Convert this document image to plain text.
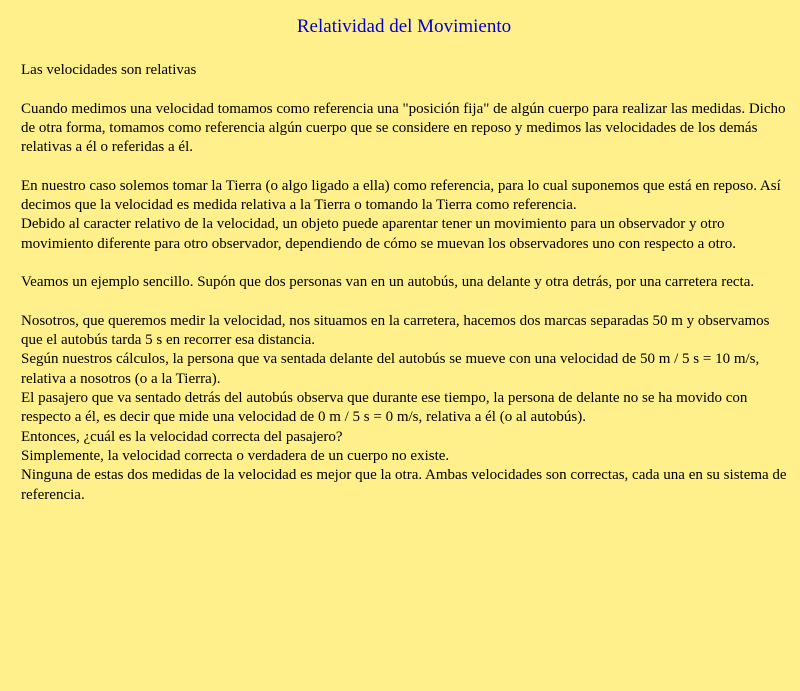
Relatividad del Movimiento

Las velocidades son relativas

Cuando medimos una velocidad tomamos como referencia una "posición fija" de algún cuerpo para realizar las medidas. Dicho de otra forma, tomamos como referencia algún cuerpo que se considere en reposo y medimos las velocidades de los demás relativas a él o referidas a él.

En nuestro caso solemos tomar la Tierra (o algo ligado a ella) como referencia, para lo cual suponemos que está en reposo. Así decimos que la velocidad es medida relativa a la Tierra o tomando la Tierra como referencia.

Debido al caracter relativo de la velocidad, un objeto puede aparentar tener un movimiento para un observador y otro movimiento diferente para otro observador, dependiendo de cómo se muevan los observadores uno con respecto a otro.

Veamos un ejemplo sencillo. Supón que dos personas van en un autobús, una delante y otra detrás, por una carretera recta.

Nosotros, que queremos medir la velocidad, nos situamos en la carretera, hacemos dos marcas separadas 50 m y observamos que el autobús tarda 5 s en recorrer esa distancia.

Según nuestros cálculos, la persona que va sentada delante del autobús se mueve con una velocidad de 50 m / 5 s = 10 m/s, relativa a nosotros (o a la Tierra).

El pasajero que va sentado detrás del autobús observa que durante ese tiempo, la persona de delante no se ha movido con respecto a él, es decir que mide una velocidad de 0 m / 5 s = 0 m/s, relativa a él (o al autobús).

Entonces, ¿cuál es la velocidad correcta del pasajero?

Simplemente, la velocidad correcta o verdadera de un cuerpo no existe.

Ninguna de estas dos medidas de la velocidad es mejor que la otra. Ambas velocidades son correctas, cada una en su sistema de referencia.
